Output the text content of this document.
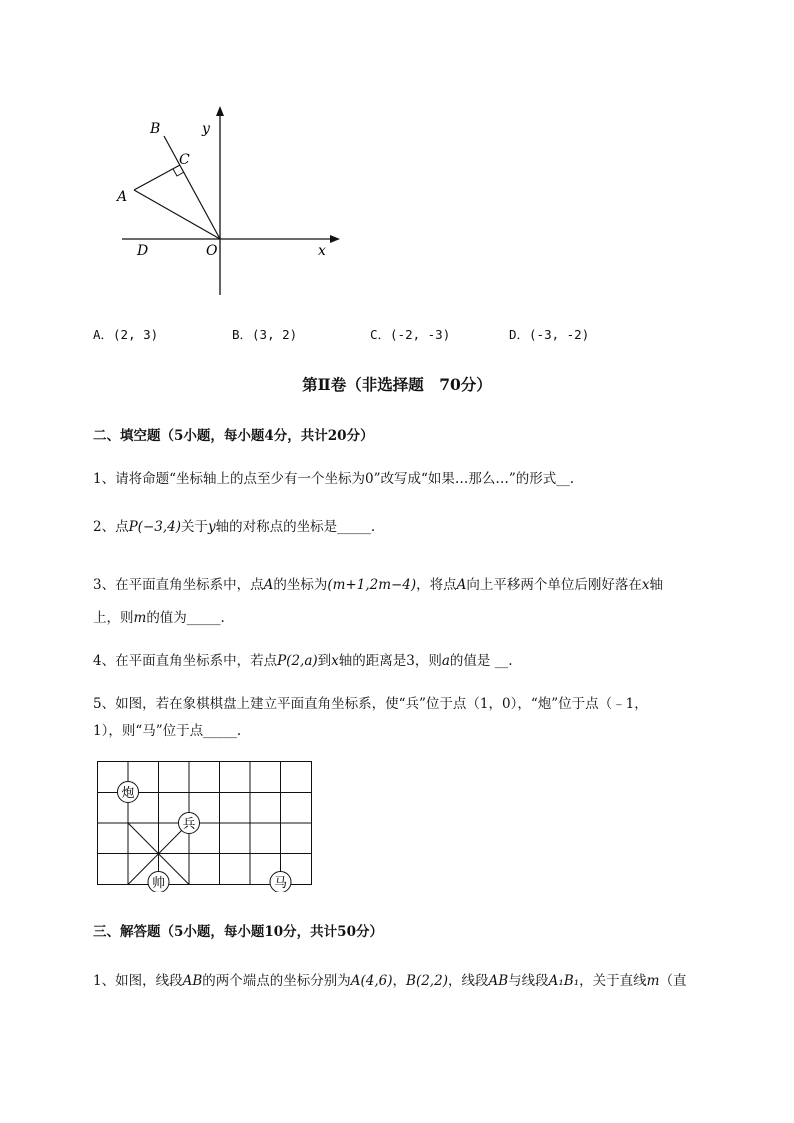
B	y
C
A
D	O	x
A．(2, 3)	B．(3, 2)	C．(-2, -3)	D．(-3, -2)
第Ⅱ卷（非选择题　70分）
二、填空题（5小题，每小题4分，共计20分）
1、请将命题“坐标轴上的点至少有一个坐标为0”改写成“如果…那么…”的形式__.
2、点P(−3,4)关于y轴的对称点的坐标是_____.
3、在平面直角坐标系中，点A的坐标为(m+1,2m−4)，将点A向上平移两个单位后刚好落在x轴
上，则m的值为_____.
4、在平面直角坐标系中，若点P(2,a)到x轴的距离是3，则a的值是 __.
5、如图，若在象棋棋盘上建立平面直角坐标系，使“兵”位于点（1，0），“炮”位于点（﹣1，
1），则“马”位于点_____.
炮
兵
帅	马
三、解答题（5小题，每小题10分，共计50分）
1、如图，线段AB的两个端点的坐标分别为A(4,6)，B(2,2)，线段AB与线段A₁B₁，关于直线m（直
